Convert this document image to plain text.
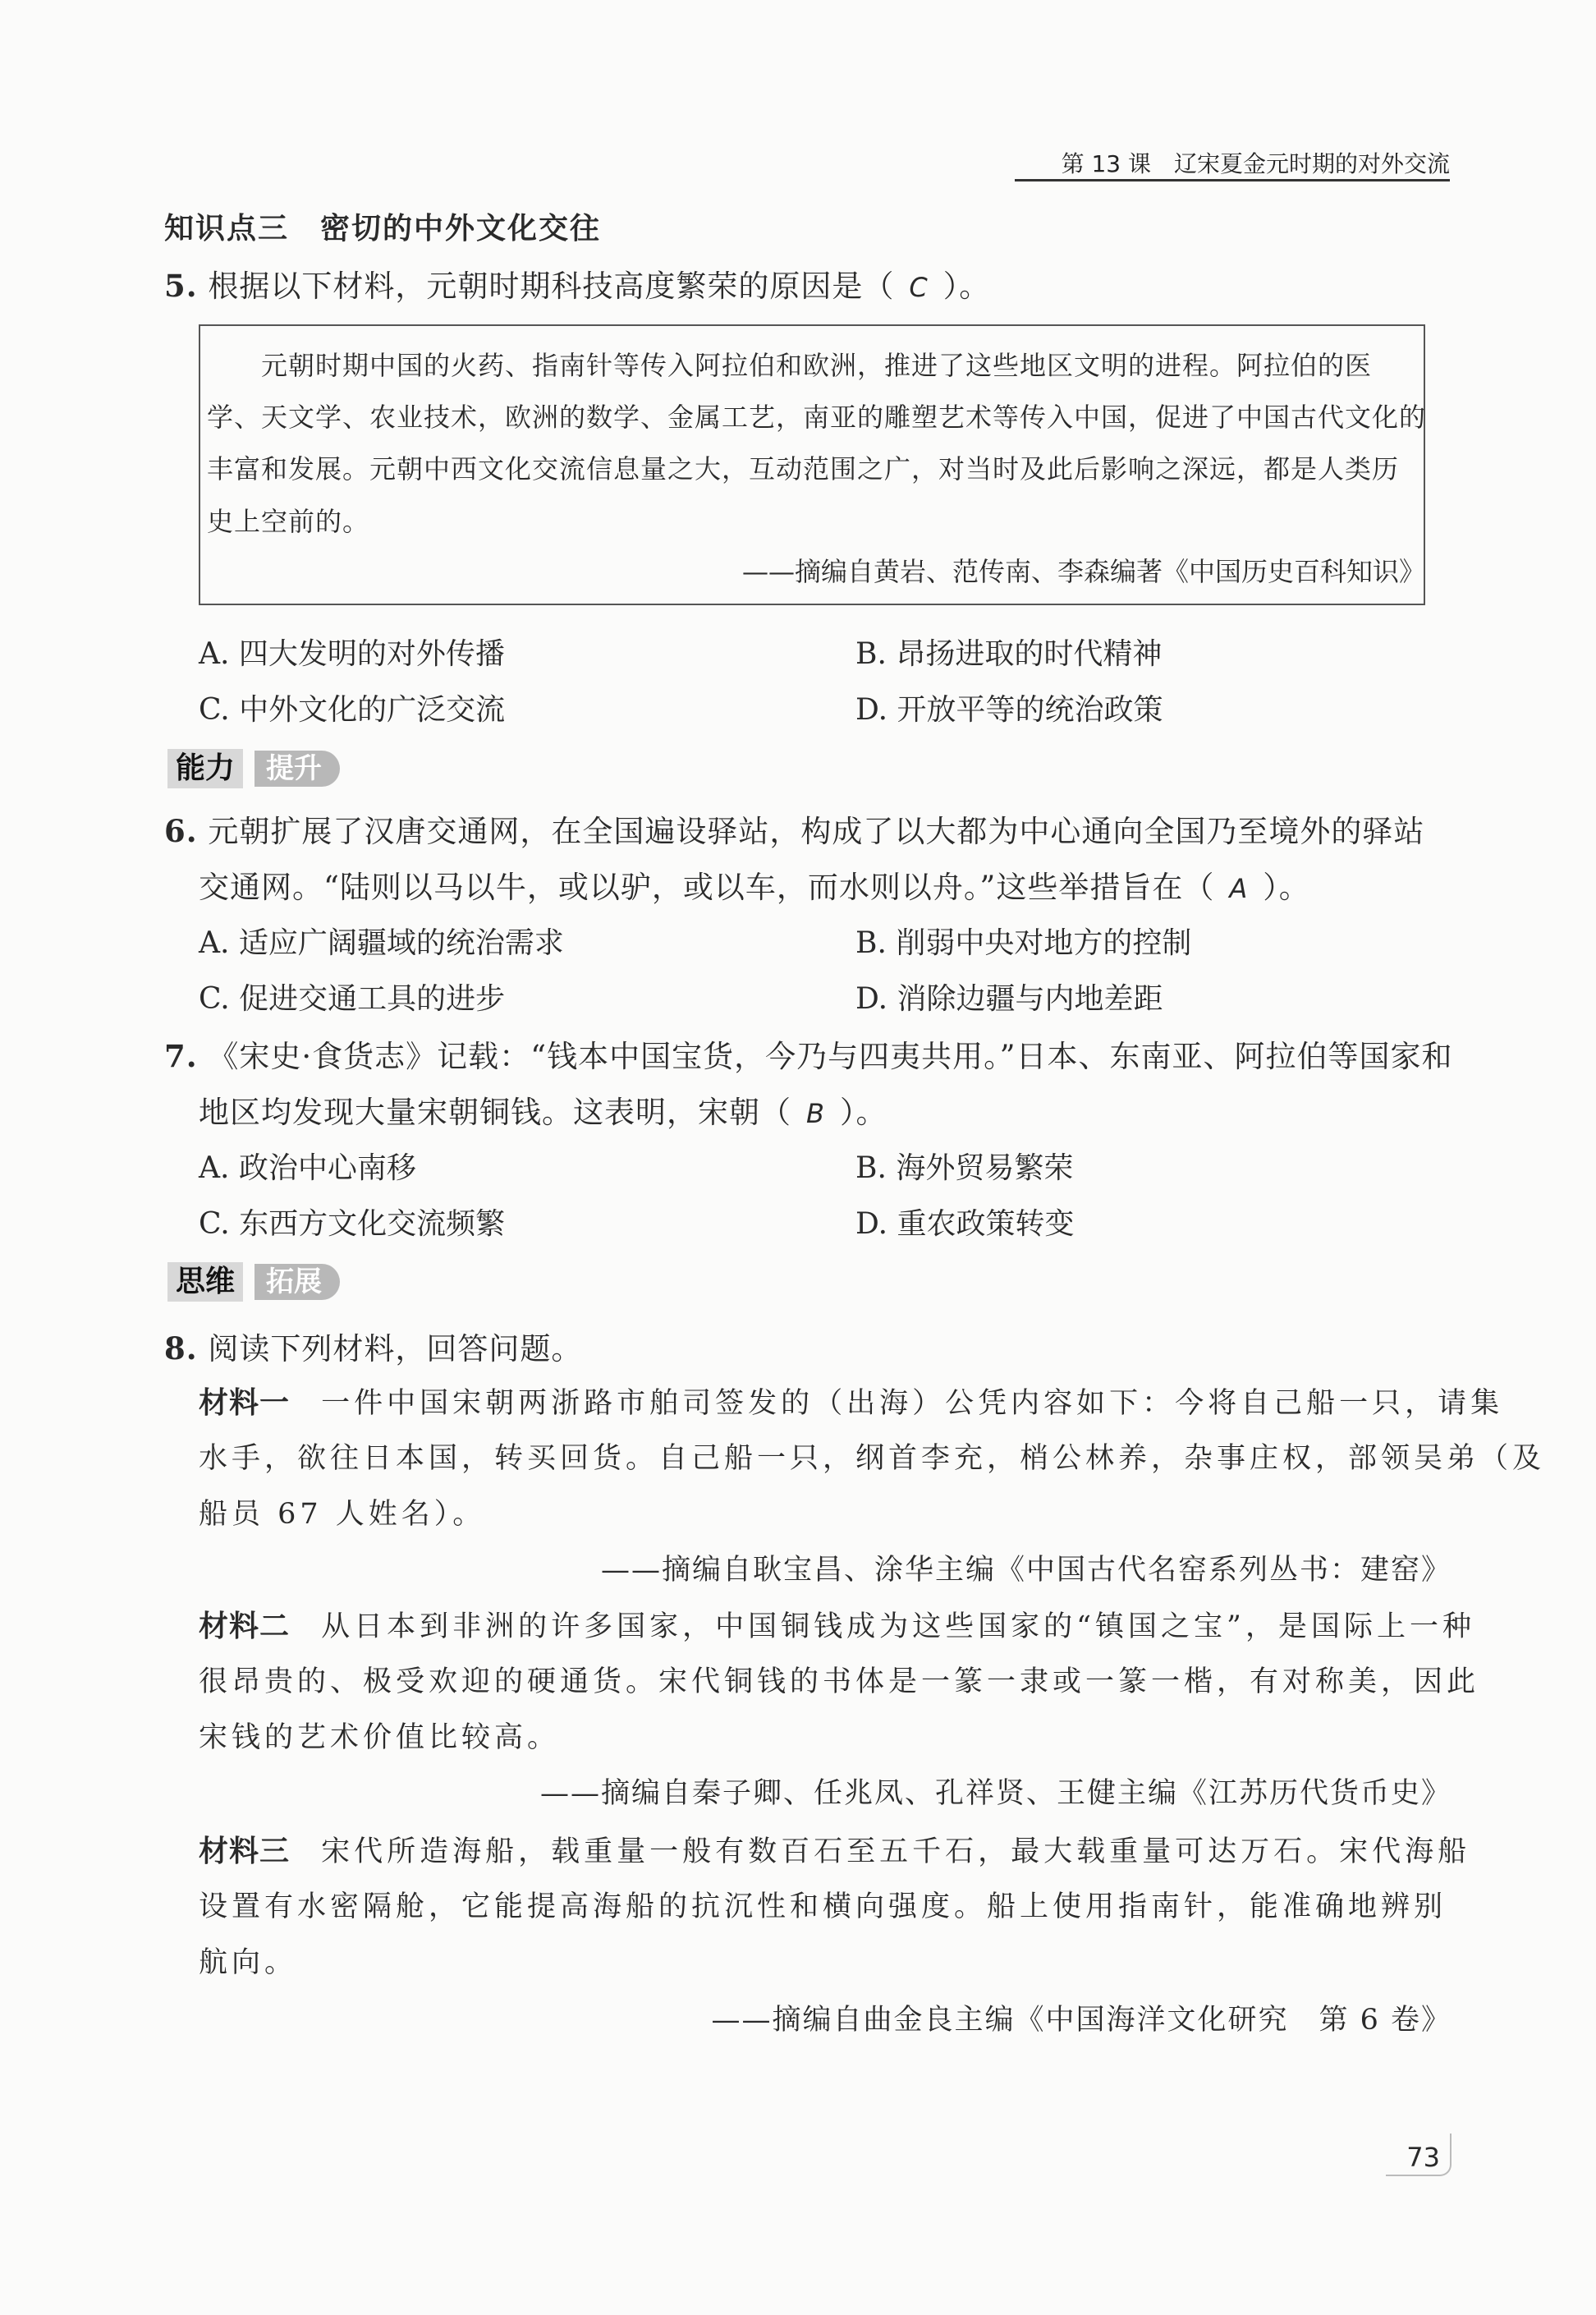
第 13 课　辽宋夏金元时期的对外交流
知识点三　密切的中外文化交往
5. 根据以下材料，元朝时期科技高度繁荣的原因是（ C ）。
元朝时期中国的火药、指南针等传入阿拉伯和欧洲，推进了这些地区文明的进程。阿拉伯的医
学、天文学、农业技术，欧洲的数学、金属工艺，南亚的雕塑艺术等传入中国，促进了中国古代文化的
丰富和发展。元朝中西文化交流信息量之大，互动范围之广，对当时及此后影响之深远，都是人类历
史上空前的。
——摘编自黄岩、范传南、李森编著《中国历史百科知识》
A. 四大发明的对外传播	B. 昂扬进取的时代精神
C. 中外文化的广泛交流	D. 开放平等的统治政策
能力	提升
6. 元朝扩展了汉唐交通网，在全国遍设驿站，构成了以大都为中心通向全国乃至境外的驿站
交通网。“陆则以马以牛，或以驴，或以车，而水则以舟。”这些举措旨在（ A ）。
A. 适应广阔疆域的统治需求	B. 削弱中央对地方的控制
C. 促进交通工具的进步	D. 消除边疆与内地差距
7. 《宋史·食货志》记载：“钱本中国宝货，今乃与四夷共用。”日本、东南亚、阿拉伯等国家和
地区均发现大量宋朝铜钱。这表明，宋朝（ B ）。
A. 政治中心南移	B. 海外贸易繁荣
C. 东西方文化交流频繁	D. 重农政策转变
思维	拓展
8. 阅读下列材料，回答问题。
材料一 一件中国宋朝两浙路市舶司签发的（出海）公凭内容如下：今将自己船一只，请集
水手，欲往日本国，转买回货。自己船一只，纲首李充，梢公林养，杂事庄权，部领吴弟（及
船员 67 人姓名）。
——摘编自耿宝昌、涂华主编《中国古代名窑系列丛书：建窑》
材料二 从日本到非洲的许多国家，中国铜钱成为这些国家的“镇国之宝”，是国际上一种
很昂贵的、极受欢迎的硬通货。宋代铜钱的书体是一篆一隶或一篆一楷，有对称美，因此
宋钱的艺术价值比较高。
——摘编自秦子卿、任兆凤、孔祥贤、王健主编《江苏历代货币史》
材料三 宋代所造海船，载重量一般有数百石至五千石，最大载重量可达万石。宋代海船
设置有水密隔舱，它能提高海船的抗沉性和横向强度。船上使用指南针，能准确地辨别
航向。
——摘编自曲金良主编《中国海洋文化研究　第 6 卷》
73
